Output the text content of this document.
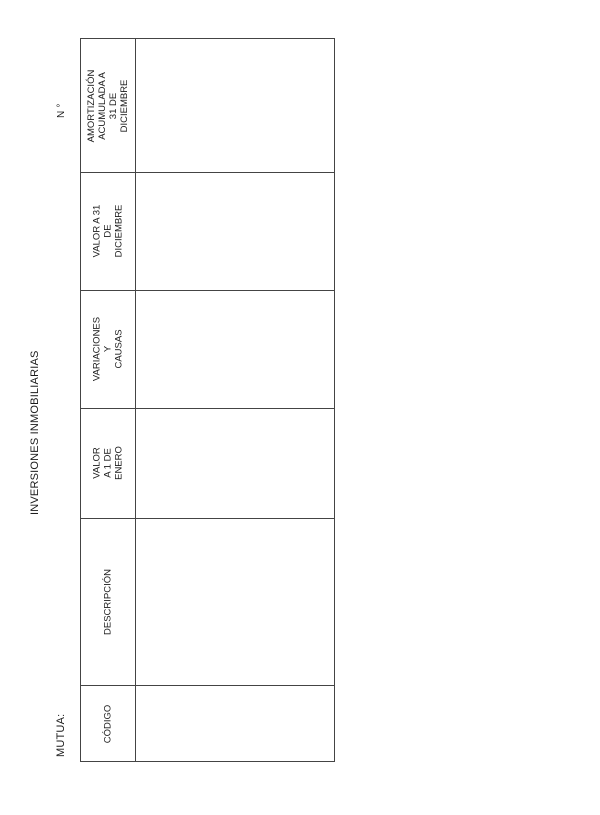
INVERSIONES INMOBILIARIAS
MUTUA:
N ° AMORTIZACIÓN
ACUMULADA A 31 DE
DICIEMBRE
VALOR A 31 DE
DICIEMBRE
VARIACIONES Y
CAUSAS
VALOR A 1 DE
ENERO
DESCRIPCIÓN
CÓDIGO
